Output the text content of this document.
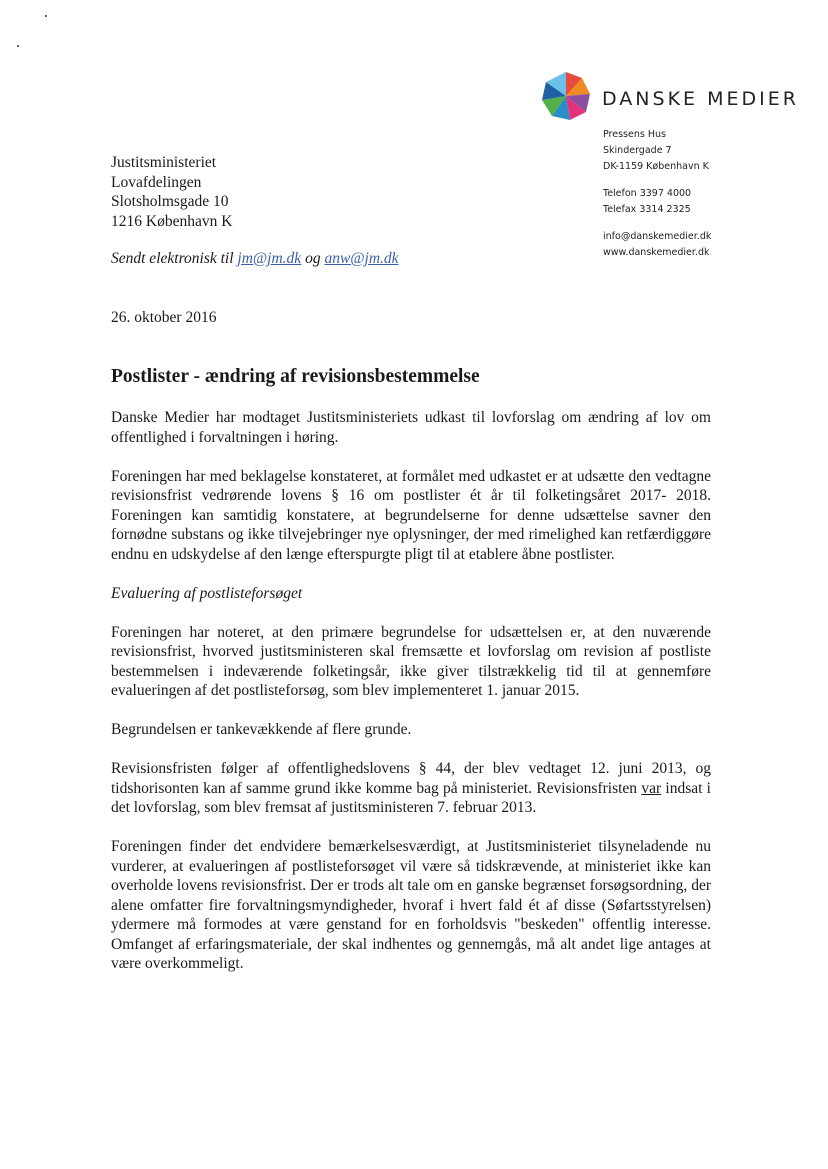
DANSKE MEDIER
Pressens Hus
Skindergade 7
DK-1159 København K
Telefon 3397 4000
Telefax 3314 2325
info@danskemedier.dk
www.danskemedier.dk
Justitsministeriet
Lovafdelingen
Slotsholmsgade 10
1216 København K
Sendt elektronisk til jm@jm.dk og anw@jm.dk
26. oktober 2016
Postlister - ændring af revisionsbestemmelse

Danske Medier har modtaget Justitsministeriets udkast til lovforslag om ændring af lov om offentlighed i forvaltningen i høring.

Foreningen har med beklagelse konstateret, at formålet med udkastet er at udsætte den vedtagne revisionsfrist vedrørende lovens § 16 om postlister ét år til folketingsåret 2017- 2018. Foreningen kan samtidig konstatere, at begrundelserne for denne udsættelse savner den fornødne substans og ikke tilvejebringer nye oplysninger, der med rimelighed kan retfærdiggøre endnu en udskydelse af den længe efterspurgte pligt til at etablere åbne postlister.

Evaluering af postlisteforsøget

Foreningen har noteret, at den primære begrundelse for udsættelsen er, at den nuværende revisionsfrist, hvorved justitsministeren skal fremsætte et lovforslag om revision af postliste bestemmelsen i indeværende folketingsår, ikke giver tilstrækkelig tid til at gennemføre evalueringen af det postlisteforsøg, som blev implementeret 1. januar 2015.

Begrundelsen er tankevækkende af flere grunde.

Revisionsfristen følger af offentlighedslovens § 44, der blev vedtaget 12. juni 2013, og tidshorisonten kan af samme grund ikke komme bag på ministeriet. Revisionsfristen var indsat i det lovforslag, som blev fremsat af justitsministeren 7. februar 2013.

Foreningen finder det endvidere bemærkelsesværdigt, at Justitsministeriet tilsyneladende nu vurderer, at evalueringen af postlisteforsøget vil være så tidskrævende, at ministeriet ikke kan overholde lovens revisionsfrist. Der er trods alt tale om en ganske begrænset forsøgsordning, der alene omfatter fire forvaltningsmyndigheder, hvoraf i hvert fald ét af disse (Søfartsstyrelsen) ydermere må formodes at være genstand for en forholdsvis "beskeden" offentlig interesse. Omfanget af erfaringsmateriale, der skal indhentes og gennemgås, må alt andet lige antages at være overkommeligt.
